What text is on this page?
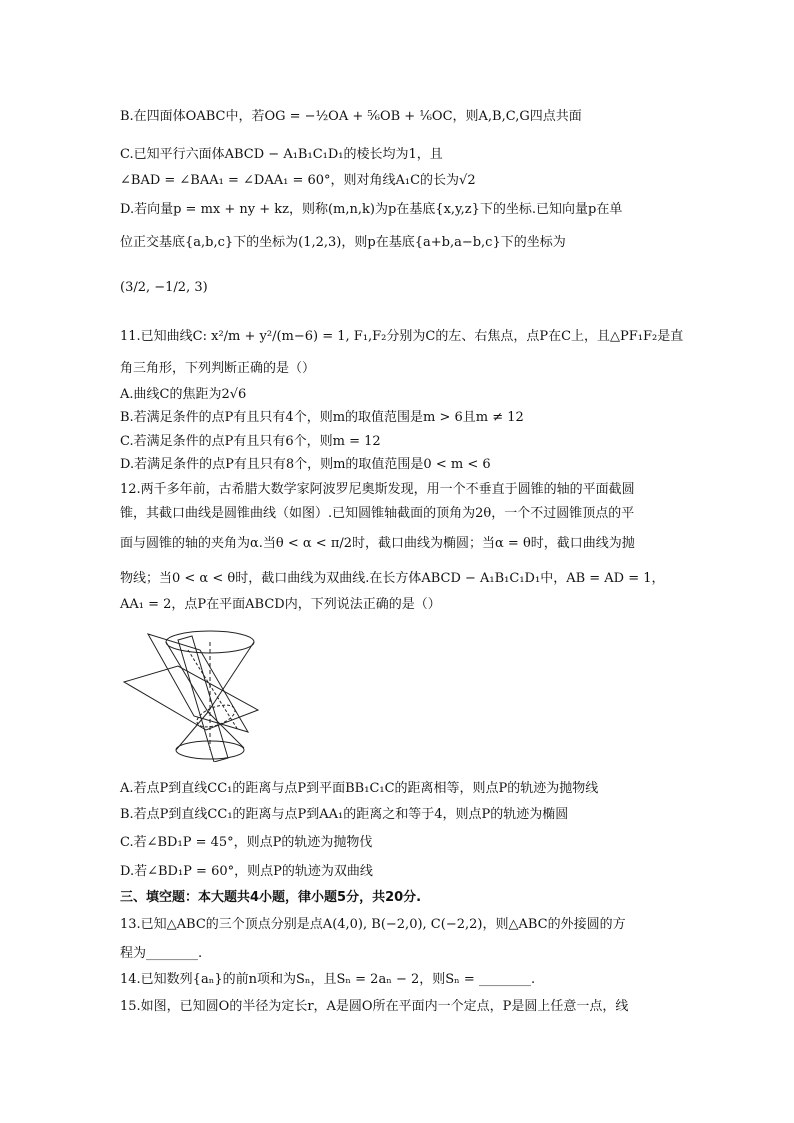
B.在四面体OABC中，若OG = −½OA + ⅚OB + ⅙OC，则A,B,C,G四点共面
C.已知平行六面体ABCD − A₁B₁C₁D₁的棱长均为1，且
∠BAD = ∠BAA₁ = ∠DAA₁ = 60°，则对角线A₁C的长为√2
D.若向量p = mx + ny + kz，则称(m,n,k)为p在基底{x,y,z}下的坐标.已知向量p在单
位正交基底{a,b,c}下的坐标为(1,2,3)，则p在基底{a+b,a−b,c}下的坐标为
(3/2, −1/2, 3)
11.已知曲线C: x²/m + y²/(m−6) = 1, F₁,F₂分别为C的左、右焦点，点P在C上，且△PF₁F₂是直
角三角形，下列判断正确的是（）
A.曲线C的焦距为2√6
B.若满足条件的点P有且只有4个，则m的取值范围是m > 6且m ≠ 12
C.若满足条件的点P有且只有6个，则m = 12
D.若满足条件的点P有且只有8个，则m的取值范围是0 < m < 6
12.两千多年前，古希腊大数学家阿波罗尼奥斯发现，用一个不垂直于圆锥的轴的平面截圆
锥，其截口曲线是圆锥曲线（如图）.已知圆锥轴截面的顶角为2θ，一个不过圆锥顶点的平
面与圆锥的轴的夹角为α.当θ < α < π/2时，截口曲线为椭圆；当α = θ时，截口曲线为抛
物线；当0 < α < θ时，截口曲线为双曲线.在长方体ABCD − A₁B₁C₁D₁中，AB = AD = 1，
AA₁ = 2，点P在平面ABCD内，下列说法正确的是（）
A.若点P到直线CC₁的距离与点P到平面BB₁C₁C的距离相等，则点P的轨迹为抛物线
B.若点P到直线CC₁的距离与点P到AA₁的距离之和等于4，则点P的轨迹为椭圆
C.若∠BD₁P = 45°，则点P的轨迹为抛物伐
D.若∠BD₁P = 60°，则点P的轨迹为双曲线
三、填空题：本大题共4小题，律小题5分，共20分.
13.已知△ABC的三个顶点分别是点A(4,0), B(−2,0), C(−2,2)，则△ABC的外接圆的方
程为________.
14.已知数列{aₙ}的前n项和为Sₙ，且Sₙ = 2aₙ − 2，则Sₙ = ________.
15.如图，已知圆O的半径为定长r，A是圆O所在平面内一个定点，P是圆上任意一点，线
